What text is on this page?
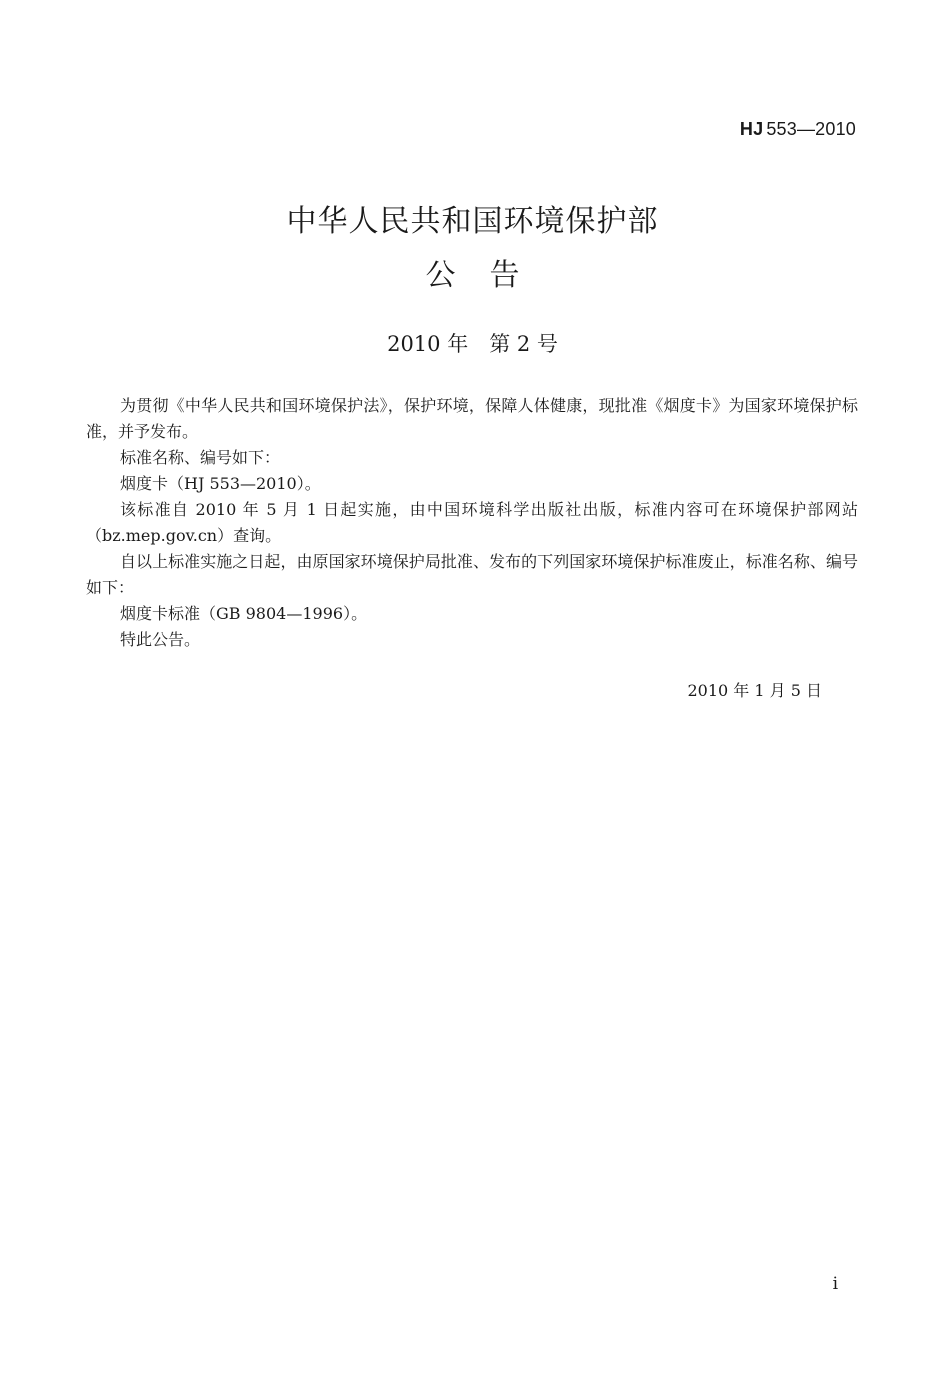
HJ 553—2010
中华人民共和国环境保护部
公告
2010 年　第 2 号

为贯彻《中华人民共和国环境保护法》，保护环境，保障人体健康，现批准《烟度卡》为国家环境保护标准，并予发布。

标准名称、编号如下：

烟度卡（HJ 553—2010）。

该标准自 2010 年 5 月 1 日起实施，由中国环境科学出版社出版，标准内容可在环境保护部网站（bz.mep.gov.cn）查询。

自以上标准实施之日起，由原国家环境保护局批准、发布的下列国家环境保护标准废止，标准名称、编号如下：

烟度卡标准（GB 9804—1996）。

特此公告。

2010 年 1 月 5 日
i
